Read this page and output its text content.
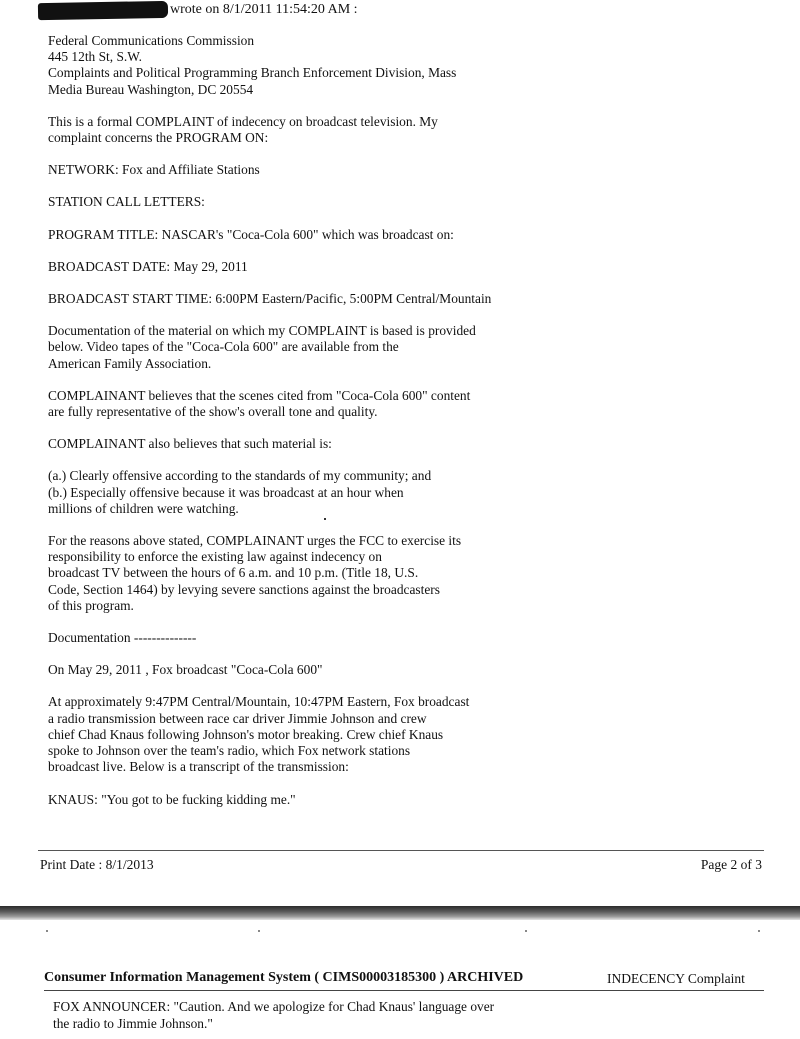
wrote on 8/1/2011 11:54:20 AM :
Federal Communications Commission
445 12th St, S.W.
Complaints and Political Programming Branch Enforcement Division, Mass
Media Bureau Washington, DC 20554
This is a formal COMPLAINT of indecency on broadcast television. My
complaint concerns the PROGRAM ON:
NETWORK: Fox and Affiliate Stations
STATION CALL LETTERS:
PROGRAM TITLE: NASCAR's "Coca-Cola 600" which was broadcast on:
BROADCAST DATE: May 29, 2011
BROADCAST START TIME: 6:00PM Eastern/Pacific, 5:00PM Central/Mountain
Documentation of the material on which my COMPLAINT is based is provided
below. Video tapes of the "Coca-Cola 600" are available from the
American Family Association.
COMPLAINANT believes that the scenes cited from "Coca-Cola 600" content
are fully representative of the show's overall tone and quality.
COMPLAINANT also believes that such material is:
(a.) Clearly offensive according to the standards of my community; and
(b.) Especially offensive because it was broadcast at an hour when
millions of children were watching.
For the reasons above stated, COMPLAINANT urges the FCC to exercise its
responsibility to enforce the existing law against indecency on
broadcast TV between the hours of 6 a.m. and 10 p.m. (Title 18, U.S.
Code, Section 1464) by levying severe sanctions against the broadcasters
of this program.
Documentation --------------
On May 29, 2011 , Fox broadcast "Coca-Cola 600"
At approximately 9:47PM Central/Mountain, 10:47PM Eastern, Fox broadcast
a radio transmission between race car driver Jimmie Johnson and crew
chief Chad Knaus following Johnson's motor breaking. Crew chief Knaus
spoke to Johnson over the team's radio, which Fox network stations
broadcast live. Below is a transcript of the transmission:
KNAUS: "You got to be fucking kidding me."
Print Date : 8/1/2013	Page 2 of 3
Consumer Information Management System ( CIMS00003185300 ) ARCHIVED	INDECENCY Complaint
FOX ANNOUNCER: "Caution. And we apologize for Chad Knaus' language over
the radio to Jimmie Johnson."
